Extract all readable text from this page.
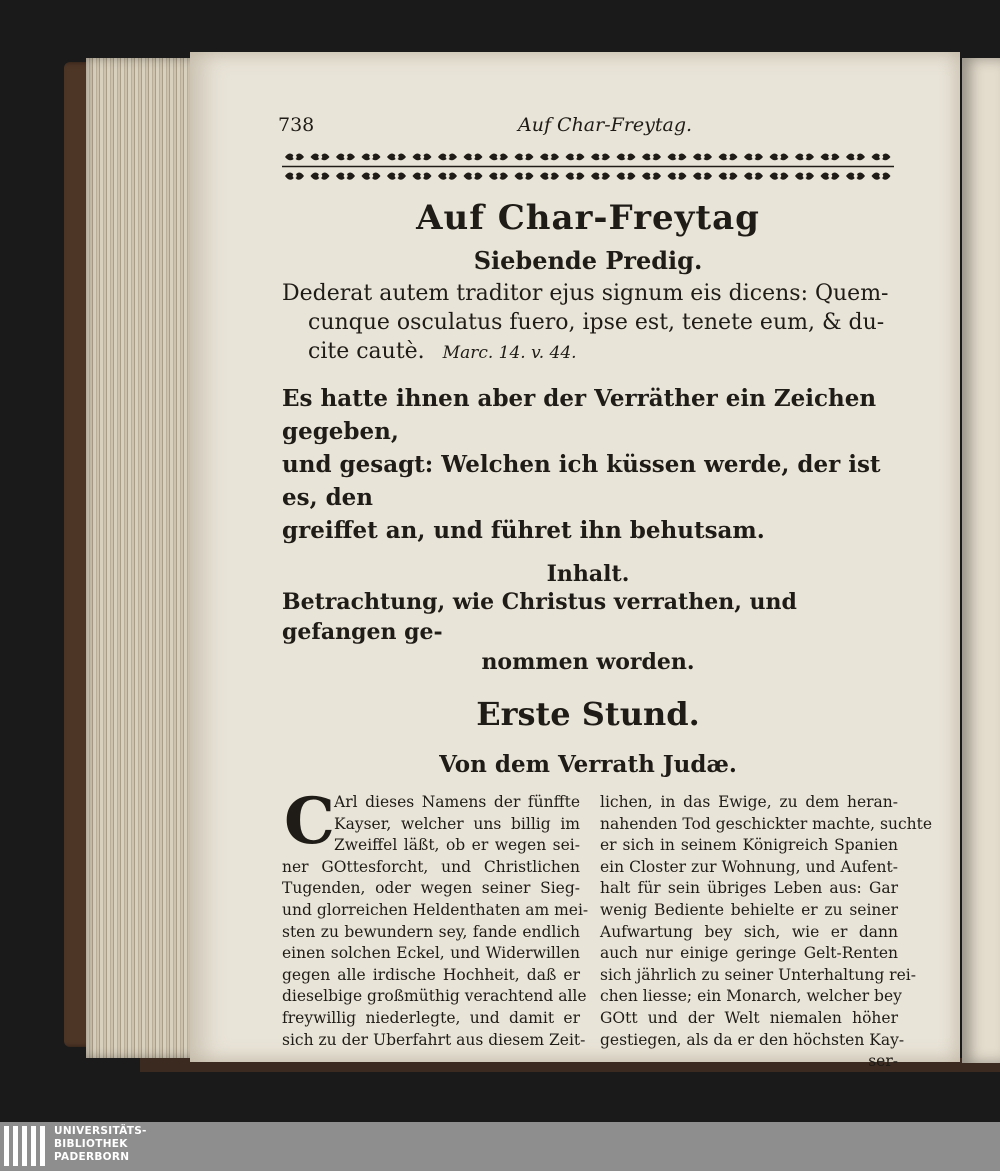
738	Auf Char-Freytag.
Auf Char-Freytag
Siebende Predig.
Dederat autem traditor ejus signum eis dicens: Quem-
cunque osculatus fuero, ipse est, tenete eum, & du-
cite cautè. Marc. 14. v. 44.
Es hatte ihnen aber der Verräther ein Zeichen gegeben,
und gesagt: Welchen ich küssen werde, der ist es, den
greiffet an, und führet ihn behutsam.
Inhalt.
Betrachtung, wie Christus verrathen, und gefangen ge-
nommen worden.
Erste Stund.
Von dem Verrath Judæ.
C Arl dieses Namens der fünffte
Kayser, welcher uns billig im
Zweiffel läßt, ob er wegen sei-
ner GOttesforcht, und Christlichen
Tugenden, oder wegen seiner Sieg-
und glorreichen Heldenthaten am mei-
sten zu bewundern sey, fande endlich
einen solchen Eckel, und Widerwillen
gegen alle irdische Hochheit, daß er
dieselbige großmüthig verachtend alle
freywillig niederlegte, und damit er
sich zu der Uberfahrt aus diesem Zeit-
lichen, in das Ewige, zu dem heran-
nahenden Tod geschickter machte, suchte
er sich in seinem Königreich Spanien
ein Closter zur Wohnung, und Aufent-
halt für sein übriges Leben aus: Gar
wenig Bediente behielte er zu seiner
Aufwartung bey sich, wie er dann
auch nur einige geringe Gelt-Renten
sich jährlich zu seiner Unterhaltung rei-
chen liesse; ein Monarch, welcher bey
GOtt und der Welt niemalen höher
gestiegen, als da er den höchsten Kay-
ser-
UNIVERSITÄTS-
BIBLIOTHEK
PADERBORN
